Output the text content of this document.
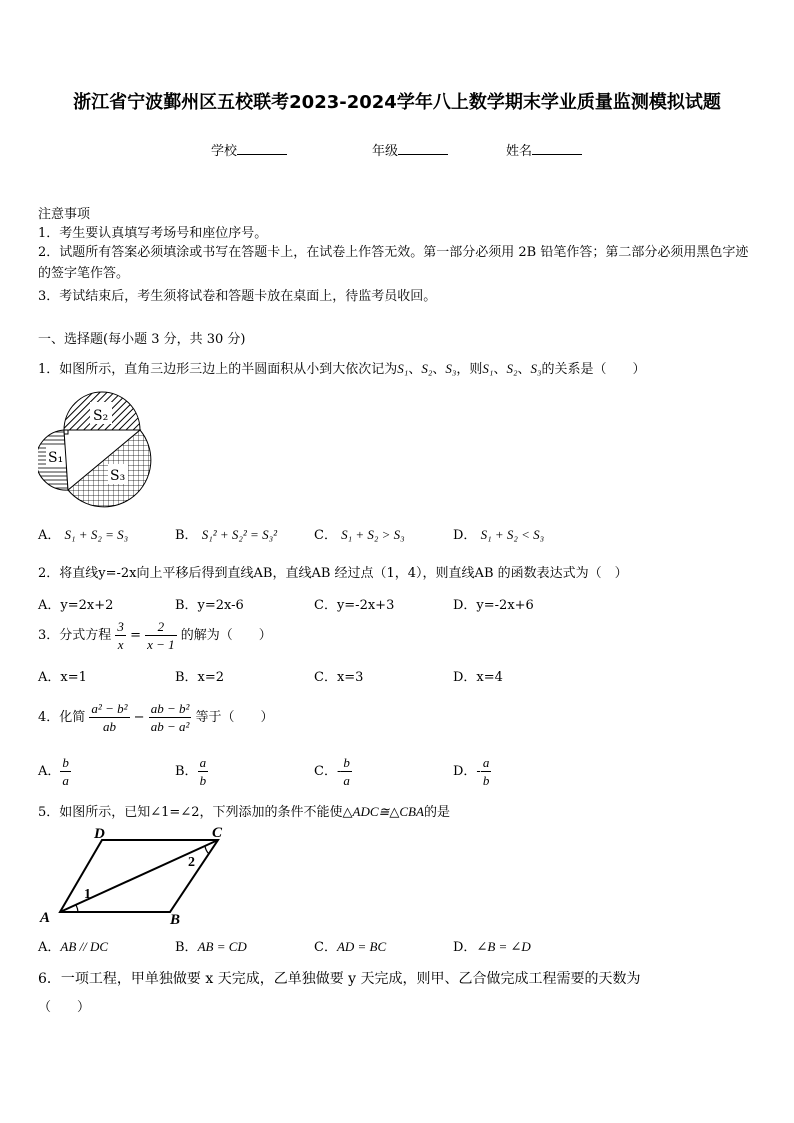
浙江省宁波鄞州区五校联考2023-2024学年八上数学期末学业质量监测模拟试题
学校	年级	姓名
注意事项
1．考生要认真填写考场号和座位序号。
2．试题所有答案必须填涂或书写在答题卡上，在试卷上作答无效。第一部分必须用 2B 铅笔作答；第二部分必须用黑色字迹的签字笔作答。
3．考试结束后，考生须将试卷和答题卡放在桌面上，待监考员收回。
一、选择题(每小题 3 分，共 30 分)
1．如图所示，直角三边形三边上的半圆面积从小到大依次记为S₁、S₂、S₃，则S₁、S₂、S₃的关系是（　　）
S₂
S₁
S₃
A． S₁ + S₂ = S₃	B． S₁² + S₂² = S₃²	C． S₁ + S₂ > S₃	D． S₁ + S₂ < S₃
2．将直线y=-2x向上平移后得到直线AB，直线AB 经过点（1，4），则直线AB 的函数表达式为（　）
A．y=2x+2	B．y=2x-6	C．y=-2x+3	D．y=-2x+6
3．分式方程 $\frac{3}{x} = \frac{2}{x - 1}$ 的解为（　　）
A．x=1	B．x=2	C．x=3	D．x=4
4．化简 $\frac{\text{a² − b²}}{ab} - \frac{\text{ab − b²}}{\text{ab − a²}}$ 等于（　　）
A． $\frac{b}{a}$	B． $\frac{a}{b}$	C．- $\frac{b}{a}$	D．- $\frac{a}{b}$
5．如图所示，已知∠1=∠2，下列添加的条件不能使△ADC≅△CBA的是
A	B
C
D
1
2
A．AB // DC	B．AB = CD	C．AD = BC	D．∠B = ∠D
6．一项工程，甲单独做要 x 天完成，乙单独做要 y 天完成，则甲、乙合做完成工程需要的天数为
（　　）
